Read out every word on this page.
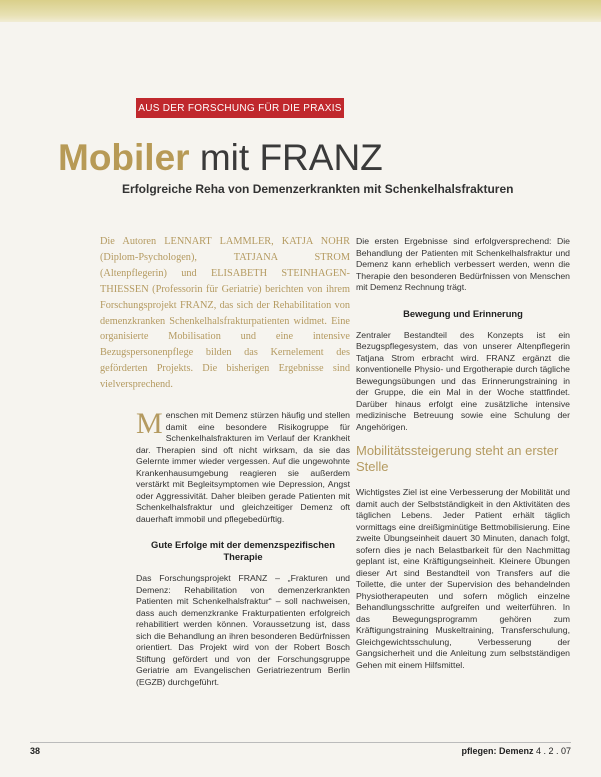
AUS DER FORSCHUNG FÜR DIE PRAXIS
Mobiler mit FRANZ
Erfolgreiche Reha von Demenzerkrankten mit Schenkelhalsfrakturen
Die Autoren LENNART LAMMLER, KATJA NOHR (Diplom-Psychologen), TATJANA STROM (Altenpflegerin) und ELISABETH STEINHAGEN-THIESSEN (Professorin für Geriatrie) berichten von ihrem Forschungsprojekt FRANZ, das sich der Rehabilitation von demenzkranken Schenkelhalsfrakturpatienten widmet. Eine organisierte Mobilisation und eine intensive Bezugspersonenpflege bilden das Kernelement des geförderten Projekts. Die bisherigen Ergebnisse sind vielversprechend.

Menschen mit Demenz stürzen häufig und stellen damit eine besondere Risikogruppe für Schenkelhalsfrakturen im Verlauf der Krankheit dar. Therapien sind oft nicht wirksam, da sie das Gelernte immer wieder vergessen. Auf die ungewohnte Krankenhausumgebung reagieren sie außerdem verstärkt mit Begleitsymptomen wie Depression, Angst oder Aggressivität. Daher bleiben gerade Patienten mit Schenkelhalsfraktur und gleichzeitiger Demenz oft dauerhaft immobil und pflegebedürftig.

Gute Erfolge mit der demenzspezifischen Therapie

Das Forschungsprojekt FRANZ – „Frakturen und Demenz: Rehabilitation von demenzerkrankten Patienten mit Schenkelhalsfraktur“ – soll nachweisen, dass auch demenzkranke Frakturpatienten erfolgreich rehabilitiert werden können. Voraussetzung ist, dass sich die Behandlung an ihren besonderen Bedürfnissen orientiert. Das Projekt wird von der Robert Bosch Stiftung gefördert und von der Forschungsgruppe Geriatrie am Evangelischen Geriatriezentrum Berlin (EGZB) durchgeführt.

Die ersten Ergebnisse sind erfolgversprechend: Die Behandlung der Patienten mit Schenkelhalsfraktur und Demenz kann erheblich verbessert werden, wenn die Therapie den besonderen Bedürfnissen von Menschen mit Demenz Rechnung trägt.

Bewegung und Erinnerung

Zentraler Bestandteil des Konzepts ist ein Bezugspflegesystem, das von unserer Altenpflegerin Tatjana Strom erbracht wird. FRANZ ergänzt die konventionelle Physio- und Ergotherapie durch tägliche Bewegungsübungen und das Erinnerungstraining in der Gruppe, die ein Mal in der Woche stattfindet. Darüber hinaus erfolgt eine zusätzliche intensive medizinische Betreuung sowie eine Schulung der Angehörigen.

Mobilitätssteigerung steht an erster Stelle

Wichtigstes Ziel ist eine Verbesserung der Mobilität und damit auch der Selbstständigkeit in den Aktivitäten des täglichen Lebens. Jeder Patient erhält täglich vormittags eine dreißigminütige Bettmobilisierung. Eine zweite Übungseinheit dauert 30 Minuten, danach folgt, sofern dies je nach Belastbarkeit für den Nachmittag geplant ist, eine Kräftigungseinheit. Kleinere Übungen dieser Art sind Bestandteil von Transfers auf die Toilette, die unter der Supervision des behandelnden Physiotherapeuten und sofern möglich einzelne Behandlungsschritte aufgreifen und weiterführen. In das Bewegungsprogramm gehören zum Kräftigungstraining Muskeltraining, Transferschulung, Gleichgewichtsschulung, Verbesserung der Gangsicherheit und die Anleitung zum selbstständigen Gehen mit einem Hilfsmittel.

38	pflegen: Demenz 4 . 2 . 07
